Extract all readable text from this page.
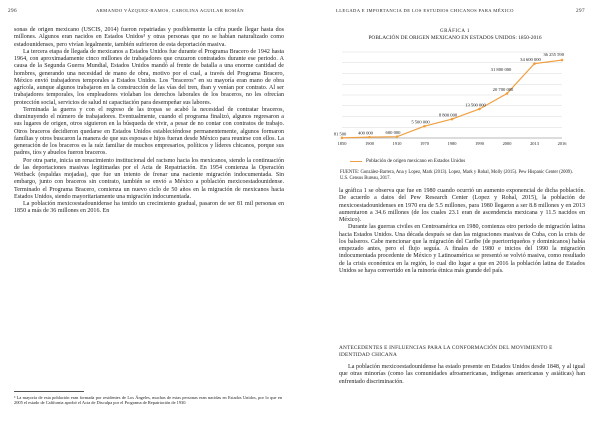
296	ARMANDO VÁZQUEZ-RAMOS, CAROLINA AGUILAR ROMÁN

sonas de origen mexicano (USCIS, 2014) fueron repatriadas y posiblemente la cifra puede llegar hasta dos millones. Algunos eran nacidos en Estados Unidos³ y otras personas que no se habían naturalizado como estadounidenses, pero vivían legalmente, también sufrieron de esta deportación masiva.

La tercera etapa de llegada de mexicanos a Estados Unidos fue durante el Programa Bracero de 1942 hasta 1964, con aproximadamente cinco millones de trabajadores que cruzaron contratados durante ese periodo. A causa de la Segunda Guerra Mundial, Estados Unidos mandó al frente de batalla a una enorme cantidad de hombres, generando una necesidad de mano de obra, motivo por el cual, a través del Programa Bracero, México envió trabajadores temporales a Estados Unidos. Los "braceros" en su mayoría eran mano de obra agrícola, aunque algunos trabajaron en la construcción de las vías del tren, iban y venían por contrato. Al ser trabajadores temporales, los empleadores violaban los derechos laborales de los braceros, no les ofrecían protección social, servicios de salud ni capacitación para desempeñar sus labores.

Terminada la guerra y con el regreso de las tropas se acabó la necesidad de contratar braceros, disminuyendo el número de trabajadores. Eventualmente, cuando el programa finalizó, algunos regresaron a sus lugares de origen, otros siguieron en la búsqueda de vivir, a pesar de no contar con contratos de trabajo. Otros braceros decidieron quedarse en Estados Unidos estableciéndose permanentemente, algunos formaron familias y otros buscaron la manera de que sus esposas e hijos fueran desde México para reunirse con ellos. La generación de los braceros es la raíz familiar de muchos empresarios, políticos y líderes chicanos, porque sus padres, tíos y abuelos fueron braceros.

Por otra parte, inicia un renacimiento institucional del racismo hacia los mexicanos, siendo la continuación de las deportaciones masivas legitimadas por el Acta de Repatriación. En 1954 comienza la Operación Wetback (espaldas mojadas), que fue un intento de frenar una naciente migración indocumentada. Sin embargo, junto con braceros sin contrato, también se envió a México a población mexicoestadounidense. Terminado el Programa Bracero, comienza un nuevo ciclo de 50 años en la migración de mexicanos hacia Estados Unidos, siendo mayoritariamente una migración indocumentada.

La población mexicoestadounidense ha tenido un crecimiento gradual, pasaron de ser 81 mil personas en 1850 a más de 36 millones en 2016. En

³ La mayoría de esta población eran formada por residentes de Los Ángeles, muchas de estas personas eran nacidas en Estados Unidos, por lo que en 2005 el estado de California aprobó el Acta de Disculpa por el Programa de Repatriación de 1930.
LLEGADA E IMPORTANCIA DE LOS ESTUDIOS CHICANOS PARA MÉXICO	297
GRÁFICA 1
POBLACIÓN DE ORIGEN MEXICANO EN ESTADOS UNIDOS: 1850-2016
81 500
1850
400 000
1900
600 000
1910
5 500 000
1970
8 800 000
1980
13 500 000
1990
20 700 000
2000
34 600 000
2013
36 255 590
2016
31 800 000
Población de origen mexicano en Estados Unidos
FUENTE: González-Barrera, Ana y Lopez, Mark (2013). Lopez, Mark y Rohal, Molly (2015). Pew Hispanic Center (2009). U.S. Census Bureau, 2017.

la gráfica 1 se observa que fue en 1980 cuando ocurrió un aumento exponencial de dicha población. De acuerdo a datos del Pew Research Center (Lopez y Rohal, 2015), la población de mexicoestadounidenses en 1970 era de 5.5 millones, para 1980 llegaron a ser 8.8 millones y en 2013 aumentaron a 34.6 millones (de los cuales 23.1 eran de ascendencia mexicana y 11.5 nacidos en México).

Durante las guerras civiles en Centroamérica en 1980, comienza otro periodo de migración latina hacia Estados Unidos. Una década después se dan las migraciones masivas de Cuba, con la crisis de los balseros. Cabe mencionar que la migración del Caribe (de puertorriqueños y dominicanos) había empezado antes, pero el flujo seguía. A finales de 1980 e inicios del 1990 la migración indocumentada procedente de México y Latinoamérica se presentó se volvió masiva, como resultado de la crisis económica en la región, lo cual dio lugar a que en 2016 la población latina de Estados Unidos se haya convertido en la minoría étnica más grande del país.

ANTECEDENTES E INFLUENCIAS PARA LA CONFORMACIÓN DEL MOVIMIENTO E IDENTIDAD CHICANA

La población mexicoestadounidense ha estado presente en Estados Unidos desde 1848, y al igual que otras minorías (como las comunidades afroamericanas, indígenas americanas y asiáticas) han enfrentado discriminación.
